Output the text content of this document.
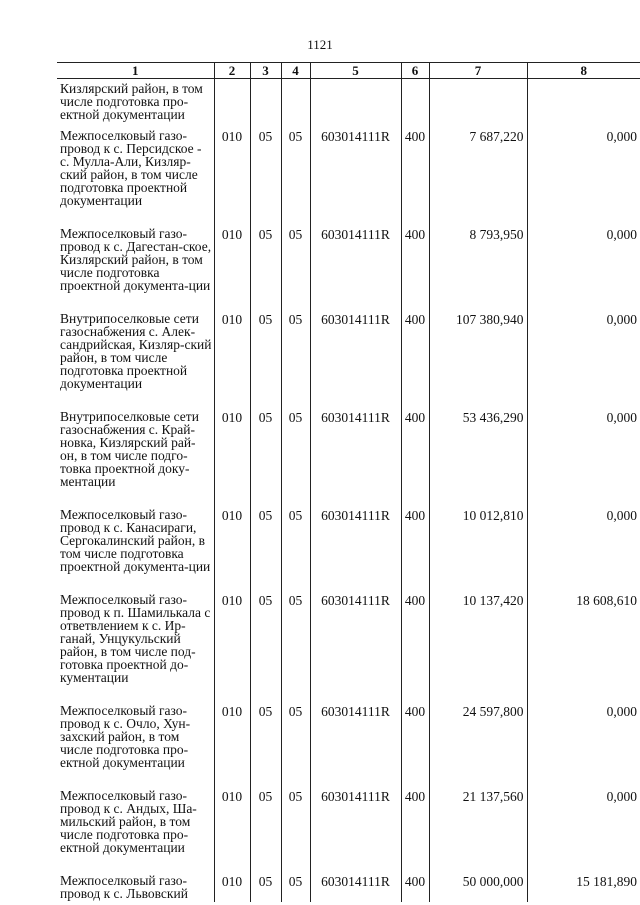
1121
1	2	3	4	5	6	7	8
Кизлярский район, в том числе подготовка про-ектной документации							
Межпоселковый газо-провод к с. Персидское - с. Мулла-Али, Кизляр-ский район, в том числе подготовка проектной документации	010	05	05	603014111R	400	7 687,220	0,000
Межпоселковый газо-провод к с. Дагестан-ское, Кизлярский район, в том числе подготовка проектной документа-ции	010	05	05	603014111R	400	8 793,950	0,000
Внутрипоселковые сети газоснабжения с. Алек-сандрийская, Кизляр-ский район, в том числе подготовка проектной документации	010	05	05	603014111R	400	107 380,940	0,000
Внутрипоселковые сети газоснабжения с. Край-новка, Кизлярский рай-он, в том числе подго-товка проектной доку-ментации	010	05	05	603014111R	400	53 436,290	0,000
Межпоселковый газо-провод к с. Канасираги, Сергокалинский район, в том числе подготовка проектной документа-ции	010	05	05	603014111R	400	10 012,810	0,000
Межпоселковый газо-провод к п. Шамилькала с ответвлением к с. Ир-ганай, Унцукульский район, в том числе под-готовка проектной до-кументации	010	05	05	603014111R	400	10 137,420	18 608,610
Межпоселковый газо-провод к с. Очло, Хун-захский район, в том числе подготовка про-ектной документации	010	05	05	603014111R	400	24 597,800	0,000
Межпоселковый газо-провод к с. Андых, Ша-мильский район, в том числе подготовка про-ектной документации	010	05	05	603014111R	400	21 137,560	0,000
Межпоселковый газо-провод к с. Львовский	010	05	05	603014111R	400	50 000,000	15 181,890
